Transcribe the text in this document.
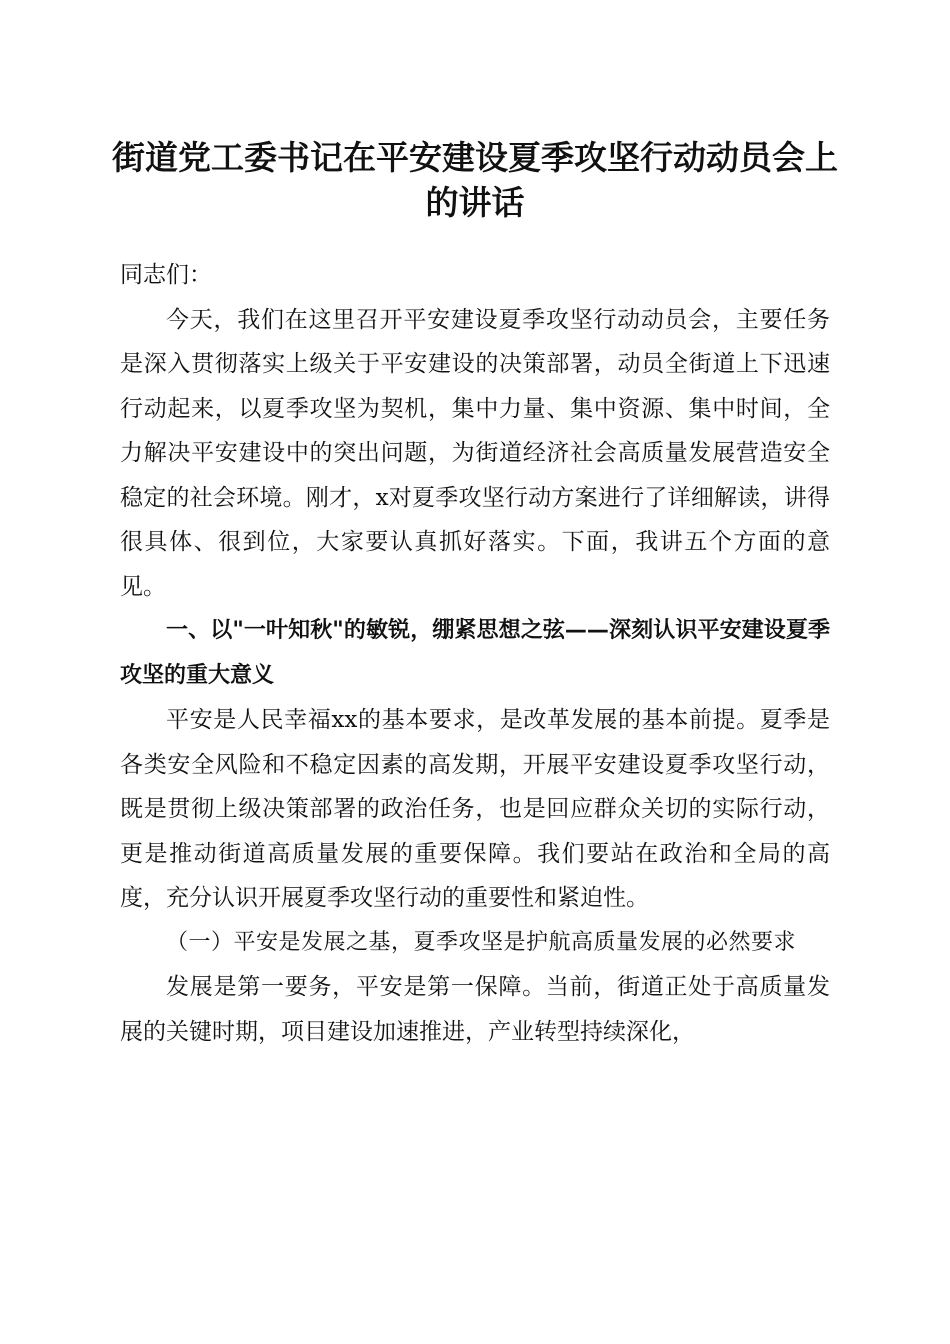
街道党工委书记在平安建设夏季攻坚行动动员会上的讲话

同志们：

今天，我们在这里召开平安建设夏季攻坚行动动员会，主要任务是深入贯彻落实上级关于平安建设的决策部署，动员全街道上下迅速行动起来，以夏季攻坚为契机，集中力量、集中资源、集中时间，全力解决平安建设中的突出问题，为街道经济社会高质量发展营造安全稳定的社会环境。刚才，x对夏季攻坚行动方案进行了详细解读，讲得很具体、很到位，大家要认真抓好落实。下面，我讲五个方面的意见。

一、以"一叶知秋"的敏锐，绷紧思想之弦——深刻认识平安建设夏季攻坚的重大意义

平安是人民幸福xx的基本要求，是改革发展的基本前提。夏季是各类安全风险和不稳定因素的高发期，开展平安建设夏季攻坚行动，既是贯彻上级决策部署的政治任务，也是回应群众关切的实际行动，更是推动街道高质量发展的重要保障。我们要站在政治和全局的高度，充分认识开展夏季攻坚行动的重要性和紧迫性。

（一）平安是发展之基，夏季攻坚是护航高质量发展的必然要求

发展是第一要务，平安是第一保障。当前，街道正处于高质量发展的关键时期，项目建设加速推进，产业转型持续深化，
